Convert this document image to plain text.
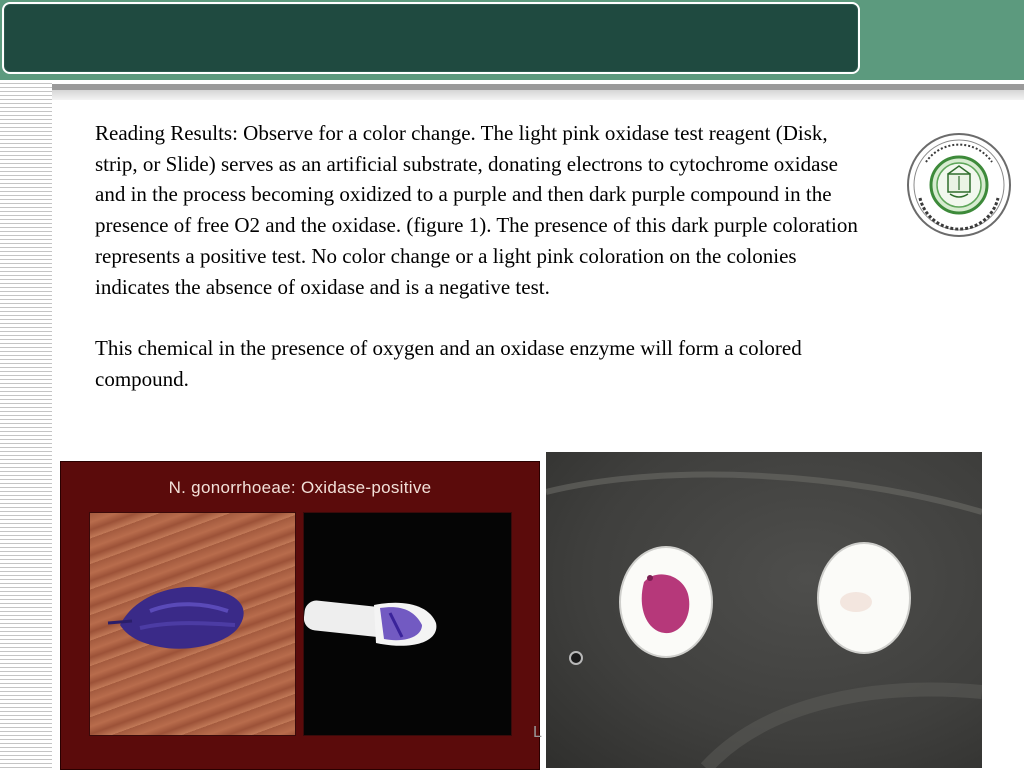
Reading Results: Observe for a color change. The light pink oxidase test reagent (Disk, strip, or Slide) serves as an artificial substrate, donating electrons to cytochrome oxidase and in the process becoming oxidized to a purple and then dark purple compound in the presence of free O2 and the oxidase. (figure 1). The presence of this dark purple coloration represents a positive test. No color change or a light pink coloration on the colonies indicates the absence of oxidase and is a negative test.

This chemical in the presence of oxygen and an oxidase enzyme will form a colored compound.

N. gonorrhoeae: Oxidase-positive
L
